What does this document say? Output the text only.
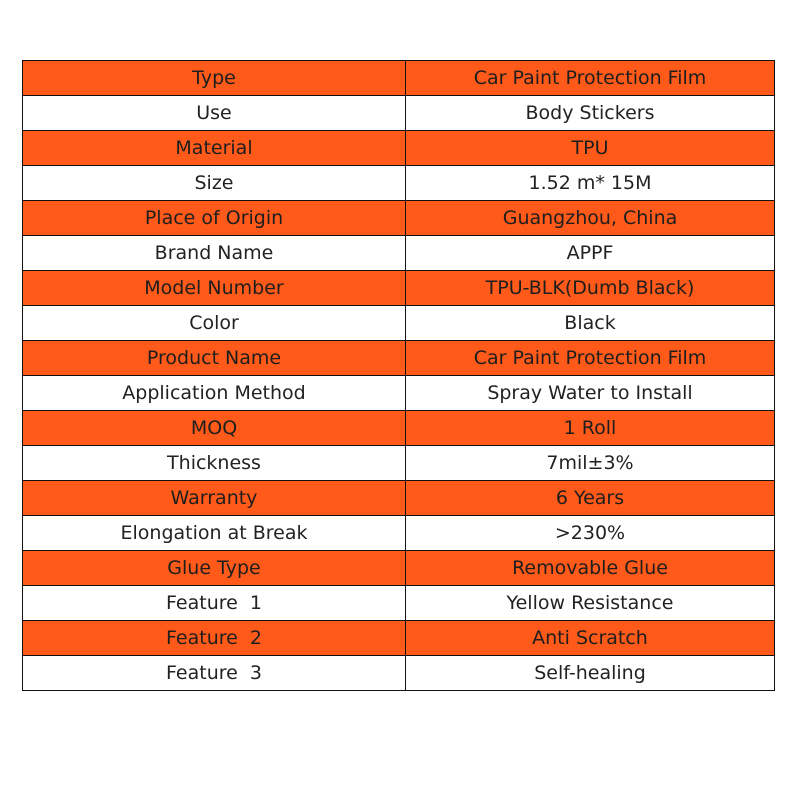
Type	Car Paint Protection Film
Use	Body Stickers
Material	TPU
Size	1.52 m* 15M
Place of Origin	Guangzhou, China
Brand Name	APPF
Model Number	TPU-BLK(Dumb Black)
Color	Black
Product Name	Car Paint Protection Film
Application Method	Spray Water to Install
MOQ	1 Roll
Thickness	7mil±3%
Warranty	6 Years
Elongation at Break	>230%
Glue Type	Removable Glue
Feature  1	Yellow Resistance
Feature  2	Anti Scratch
Feature  3	Self-healing
